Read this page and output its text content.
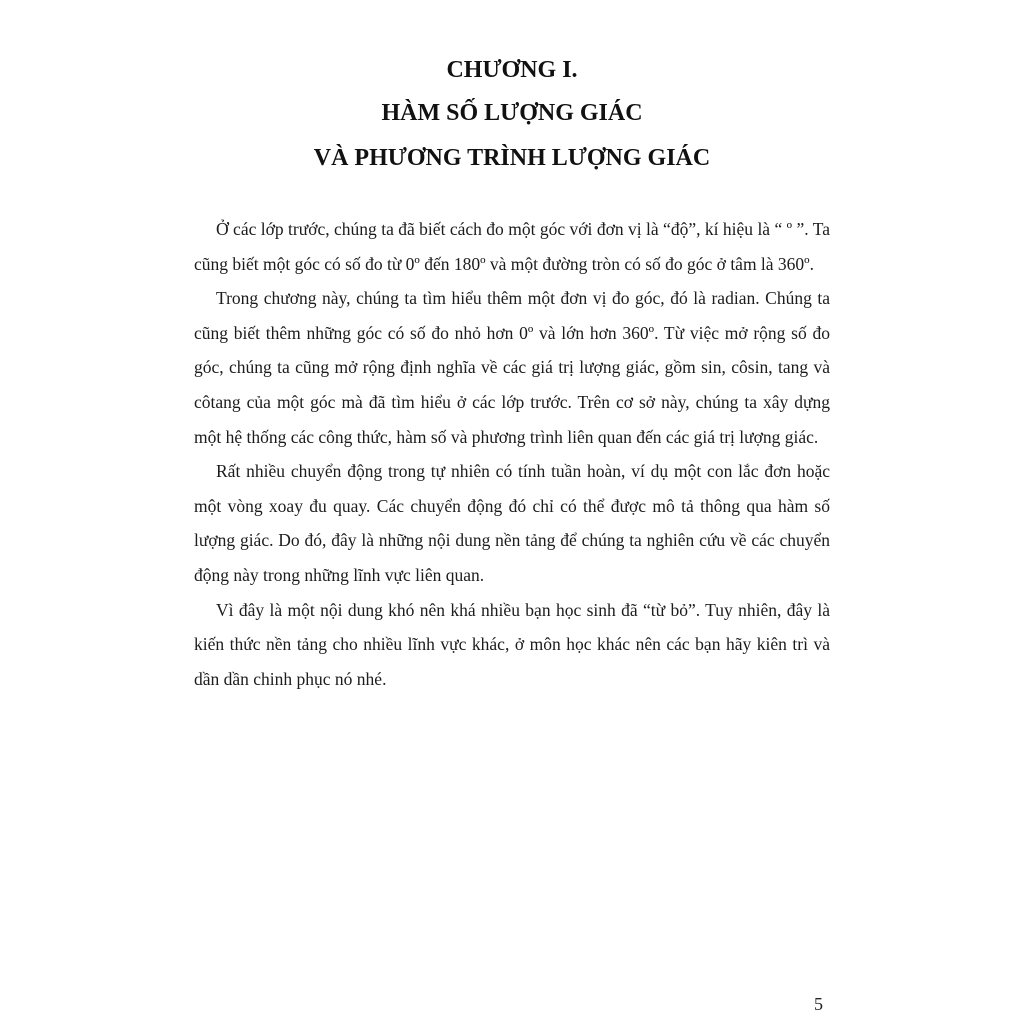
CHƯƠNG I.
HÀM SỐ LƯỢNG GIÁC
VÀ PHƯƠNG TRÌNH LƯỢNG GIÁC

Ở các lớp trước, chúng ta đã biết cách đo một góc với đơn vị là “độ”, kí hiệu là “ º ”. Ta cũng biết một góc có số đo từ 0º đến 180º và một đường tròn có số đo góc ở tâm là 360º.

Trong chương này, chúng ta tìm hiểu thêm một đơn vị đo góc, đó là radian. Chúng ta cũng biết thêm những góc có số đo nhỏ hơn 0º và lớn hơn 360º. Từ việc mở rộng số đo góc, chúng ta cũng mở rộng định nghĩa về các giá trị lượng giác, gồm sin, côsin, tang và côtang của một góc mà đã tìm hiểu ở các lớp trước. Trên cơ sở này, chúng ta xây dựng một hệ thống các công thức, hàm số và phương trình liên quan đến các giá trị lượng giác.

Rất nhiều chuyển động trong tự nhiên có tính tuần hoàn, ví dụ một con lắc đơn hoặc một vòng xoay đu quay. Các chuyển động đó chỉ có thể được mô tả thông qua hàm số lượng giác. Do đó, đây là những nội dung nền tảng để chúng ta nghiên cứu về các chuyển động này trong những lĩnh vực liên quan.

Vì đây là một nội dung khó nên khá nhiều bạn học sinh đã “từ bỏ”. Tuy nhiên, đây là kiến thức nền tảng cho nhiều lĩnh vực khác, ở môn học khác nên các bạn hãy kiên trì và dần dần chinh phục nó nhé.

5
